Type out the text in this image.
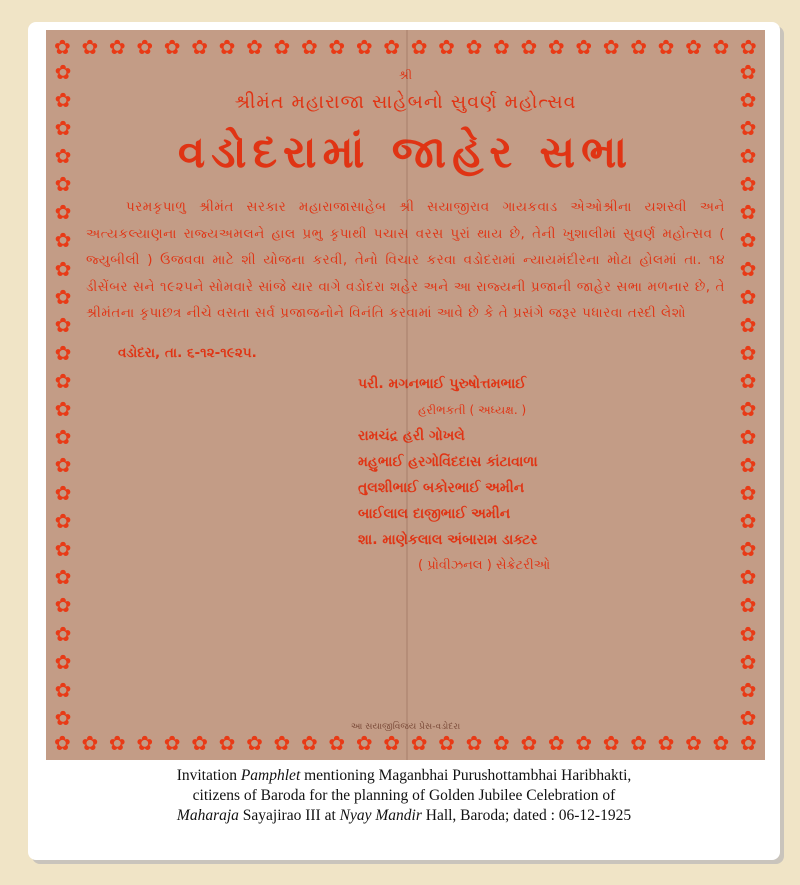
✿ ✿ ✿ ✿ ✿ ✿ ✿ ✿ ✿ ✿ ✿ ✿ ✿ ✿ ✿ ✿ ✿ ✿ ✿ ✿ ✿ ✿ ✿ ✿ ✿ ✿
✿ ✿ ✿ ✿ ✿ ✿ ✿ ✿ ✿ ✿ ✿ ✿ ✿ ✿ ✿ ✿ ✿ ✿ ✿ ✿ ✿ ✿ ✿ ✿ ✿ ✿
✿
✿
✿
✿
✿
✿
✿
✿
✿
✿
✿
✿
✿
✿
✿
✿
✿
✿
✿
✿
✿
✿
✿
✿
✿
✿
✿
✿
✿
✿
✿
✿
✿
✿
✿
✿
✿
✿
✿
✿
✿
✿
✿
✿
✿
✿
✿
✿
શ્રી
શ્રીમંત મહારાજા સાહેબનો સુવર્ણ મહોત્સવ
વડોદરામાં જાહેર સભા
પરમકૃપાળુ શ્રીમંત સરકાર મહારાજાસાહેબ શ્રી સયાજીરાવ ગાયકવાડ એઓશ્રીના યશસ્વી અને અત્યકલ્યાણના રાજ્યઅમલને હાલ પ્રભુ કૃપાથી પચાસ વરસ પુરાં થાય છે, તેની ખુશાલીમાં સુવર્ણ મહોત્સવ ( જ્યુબીલી ) ઉજવવા માટે શી યોજના કરવી, તેનો વિચાર કરવા વડોદરામાં ન્યાયમંદીરના મોટા હોલમાં તા. ૧૪ ડીસેંબર સને ૧૯૨૫ને સોમવારે સાંજે ચાર વાગે વડોદરા શહેર અને આ રાજ્યની પ્રજાની જાહેર સભા મળનાર છે, તે શ્રીમંતના કૃપાછત્ર નીચે વસતા સર્વ પ્રજાજનોને વિનંતિ કરવામાં આવે છે કે તે પ્રસંગે જરૂર પધારવા તસ્દી લેશો
વડોદરા, તા. ૬-૧૨-૧૯૨૫.
પરી. મગનભાઈ પુરુષોત્તમભાઈ
હરીભકતી ( અધ્યક્ષ. )
રામચંદ્ર હરી ગોખલે
મહુભાઈ હરગોવિંદદાસ કાંટાવાળા
તુલશીભાઈ બકોરભાઈ અમીન
બાઈલાલ દાજીભાઈ અમીન
શા. માણેકલાલ અંબારામ ડાક્ટર
( પ્રોવીઝનલ ) સેક્રેટરીઓ
આ સયાજીવિજય પ્રેસ-વડોદરા
Invitation Pamphlet mentioning Maganbhai Purushottambhai Haribhakti,
citizens of Baroda for the planning of Golden Jubilee Celebration of
Maharaja Sayajirao III at Nyay Mandir Hall, Baroda; dated : 06-12-1925
